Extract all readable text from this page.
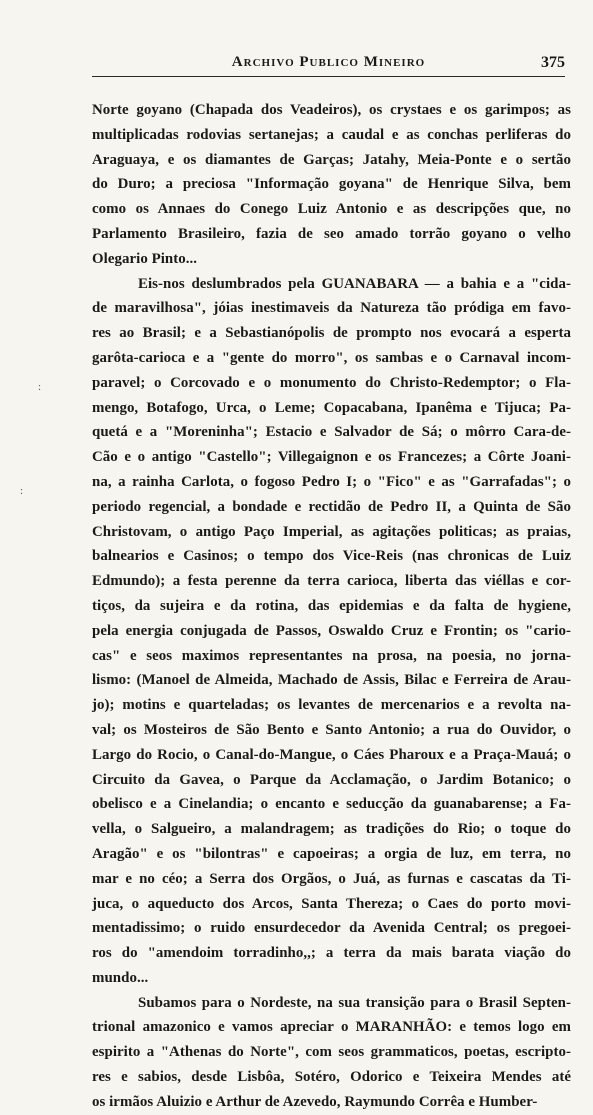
Archivo Publico Mineiro	375
:
:
Norte goyano (Chapada dos Veadeiros), os crystaes e os garimpos; as
multiplicadas rodovias sertanejas; a caudal e as conchas perliferas do
Araguaya, e os diamantes de Garças; Jatahy, Meia-Ponte e o sertão
do Duro; a preciosa "Informação goyana" de Henrique Silva, bem
como os Annaes do Conego Luiz Antonio e as descripções que, no
Parlamento Brasileiro, fazia de seo amado torrão goyano o velho
Olegario Pinto...
Eis-nos deslumbrados pela GUANABARA — a bahia e a "cida-
de maravilhosa", jóias inestimaveis da Natureza tão pródiga em favo-
res ao Brasil; e a Sebastianópolis de prompto nos evocará a esperta
garôta-carioca e a "gente do morro", os sambas e o Carnaval incom-
paravel; o Corcovado e o monumento do Christo-Redemptor; o Fla-
mengo, Botafogo, Urca, o Leme; Copacabana, Ipanêma e Tijuca; Pa-
quetá e a "Moreninha"; Estacio e Salvador de Sá; o môrro Cara-de-
Cão e o antigo "Castello"; Villegaignon e os Francezes; a Côrte Joani-
na, a rainha Carlota, o fogoso Pedro I; o "Fico" e as "Garrafadas"; o
periodo regencial, a bondade e rectidão de Pedro II, a Quinta de São
Christovam, o antigo Paço Imperial, as agitações politicas; as praias,
balnearios e Casinos; o tempo dos Vice-Reis (nas chronicas de Luiz
Edmundo); a festa perenne da terra carioca, liberta das viéllas e cor-
tiços, da sujeira e da rotina, das epidemias e da falta de hygiene,
pela energia conjugada de Passos, Oswaldo Cruz e Frontin; os "cario-
cas" e seos maximos representantes na prosa, na poesia, no jorna-
lismo: (Manoel de Almeida, Machado de Assis, Bilac e Ferreira de Arau-
jo); motins e quarteladas; os levantes de mercenarios e a revolta na-
val; os Mosteiros de São Bento e Santo Antonio; a rua do Ouvidor, o
Largo do Rocio, o Canal-do-Mangue, o Cáes Pharoux e a Praça-Mauá; o
Circuito da Gavea, o Parque da Acclamação, o Jardim Botanico; o
obelisco e a Cinelandia; o encanto e seducção da guanabarense; a Fa-
vella, o Salgueiro, a malandragem; as tradições do Rio; o toque do
Aragão" e os "bilontras" e capoeiras; a orgia de luz, em terra, no
mar e no céo; a Serra dos Orgãos, o Juá, as furnas e cascatas da Ti-
juca, o aqueducto dos Arcos, Santa Thereza; o Caes do porto movi-
mentadissimo; o ruido ensurdecedor da Avenida Central; os pregoei-
ros do "amendoim torradinho,,; a terra da mais barata viação do
mundo...
Subamos para o Nordeste, na sua transição para o Brasil Septen-
trional amazonico e vamos apreciar o MARANHÃO: e temos logo em
espirito a "Athenas do Norte", com seos grammaticos, poetas, escripto-
res e sabios, desde Lisbôa, Sotéro, Odorico e Teixeira Mendes até
os irmãos Aluizio e Arthur de Azevedo, Raymundo Corrêa e Humber-
